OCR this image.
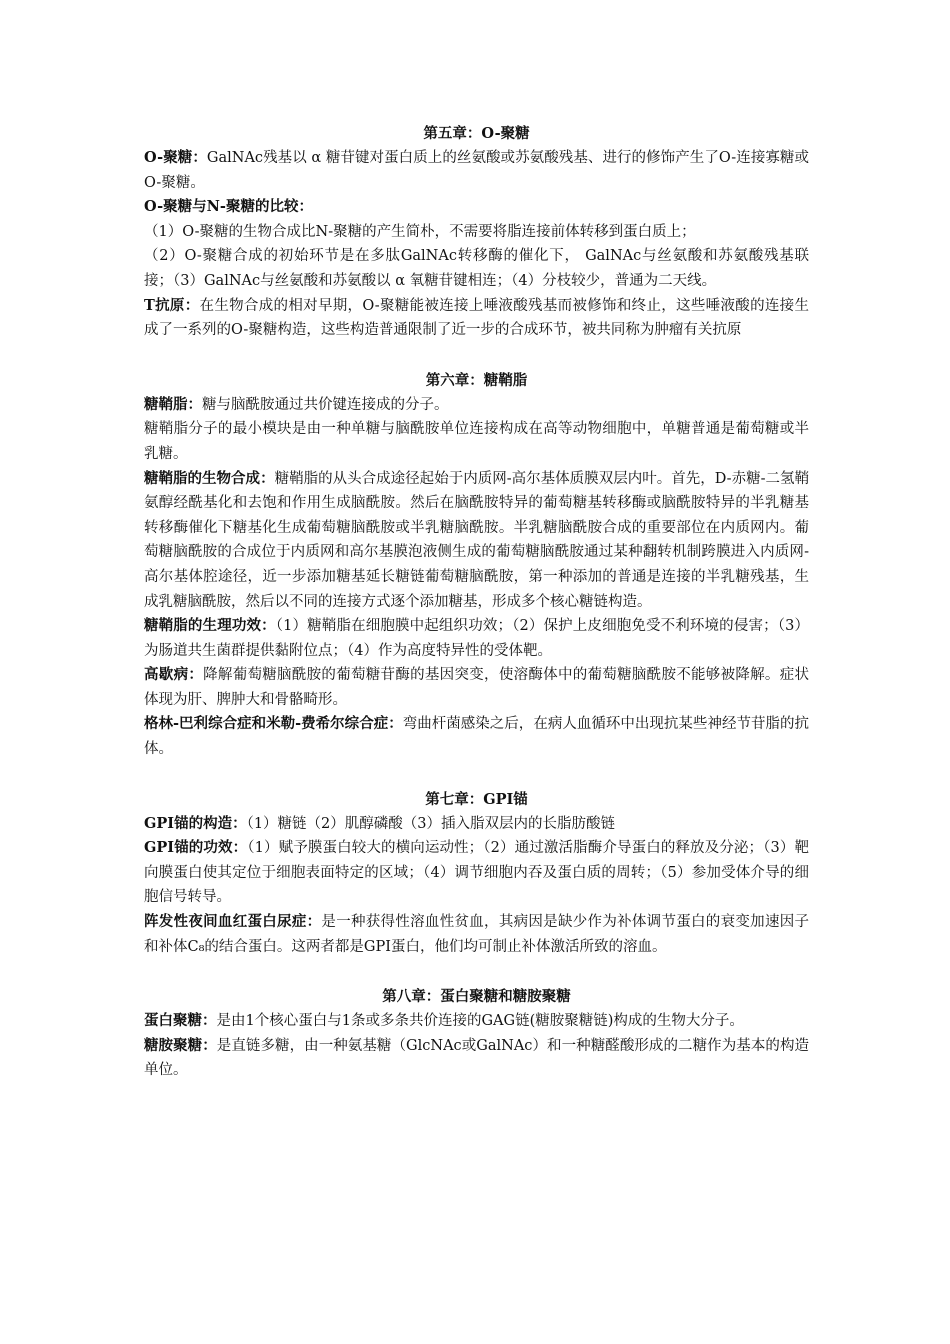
第五章：O-聚糖

O-聚糖：GalNAc残基以 α 糖苷键对蛋白质上的丝氨酸或苏氨酸残基、进行的修饰产生了O-连接寡糖或O-聚糖。

O-聚糖与N-聚糖的比较：

（1）O-聚糖的生物合成比N-聚糖的产生简朴，不需要将脂连接前体转移到蛋白质上；

（2）O-聚糖合成的初始环节是在多肽GalNAc转移酶的催化下， GalNAc与丝氨酸和苏氨酸残基联接；（3）GalNAc与丝氨酸和苏氨酸以 α 氧糖苷键相连；（4）分枝较少，普通为二天线。

T抗原：在生物合成的相对早期，O-聚糖能被连接上唾液酸残基而被修饰和终止，这些唾液酸的连接生成了一系列的O-聚糖构造，这些构造普通限制了近一步的合成环节，被共同称为肿瘤有关抗原

第六章：糖鞘脂

糖鞘脂：糖与脑酰胺通过共价键连接成的分子。

糖鞘脂分子的最小模块是由一种单糖与脑酰胺单位连接构成在高等动物细胞中，单糖普通是葡萄糖或半乳糖。

糖鞘脂的生物合成：糖鞘脂的从头合成途径起始于内质网-高尔基体质膜双层内叶。首先，D-赤糖-二氢鞘氨醇经酰基化和去饱和作用生成脑酰胺。然后在脑酰胺特异的葡萄糖基转移酶或脑酰胺特异的半乳糖基转移酶催化下糖基化生成葡萄糖脑酰胺或半乳糖脑酰胺。半乳糖脑酰胺合成的重要部位在内质网内。葡萄糖脑酰胺的合成位于内质网和高尔基膜泡液侧生成的葡萄糖脑酰胺通过某种翻转机制跨膜进入内质网-高尔基体腔途径，近一步添加糖基延长糖链葡萄糖脑酰胺，第一种添加的普通是连接的半乳糖残基，生成乳糖脑酰胺，然后以不同的连接方式逐个添加糖基，形成多个核心糖链构造。

糖鞘脂的生理功效：（1）糖鞘脂在细胞膜中起组织功效；（2）保护上皮细胞免受不利环境的侵害；（3）为肠道共生菌群提供黏附位点；（4）作为高度特异性的受体靶。

高歇病：降解葡萄糖脑酰胺的葡萄糖苷酶的基因突变，使溶酶体中的葡萄糖脑酰胺不能够被降解。症状体现为肝、脾肿大和骨骼畸形。

格林-巴利综合症和米勒-费希尔综合症：弯曲杆菌感染之后，在病人血循环中出现抗某些神经节苷脂的抗体。

第七章：GPI锚

GPI锚的构造：（1）糖链（2）肌醇磷酸（3）插入脂双层内的长脂肪酸链

GPI锚的功效：（1）赋予膜蛋白较大的横向运动性；（2）通过激活脂酶介导蛋白的释放及分泌；（3）靶向膜蛋白使其定位于细胞表面特定的区域；（4）调节细胞内吞及蛋白质的周转；（5）参加受体介导的细胞信号转导。

阵发性夜间血红蛋白尿症：是一种获得性溶血性贫血，其病因是缺少作为补体调节蛋白的衰变加速因子和补体C₈的结合蛋白。这两者都是GPI蛋白，他们均可制止补体激活所致的溶血。

第八章：蛋白聚糖和糖胺聚糖

蛋白聚糖：是由1个核心蛋白与1条或多条共价连接的GAG链(糖胺聚糖链)构成的生物大分子。

糖胺聚糖：是直链多糖，由一种氨基糖（GlcNAc或GalNAc）和一种糖醛酸形成的二糖作为基本的构造单位。
